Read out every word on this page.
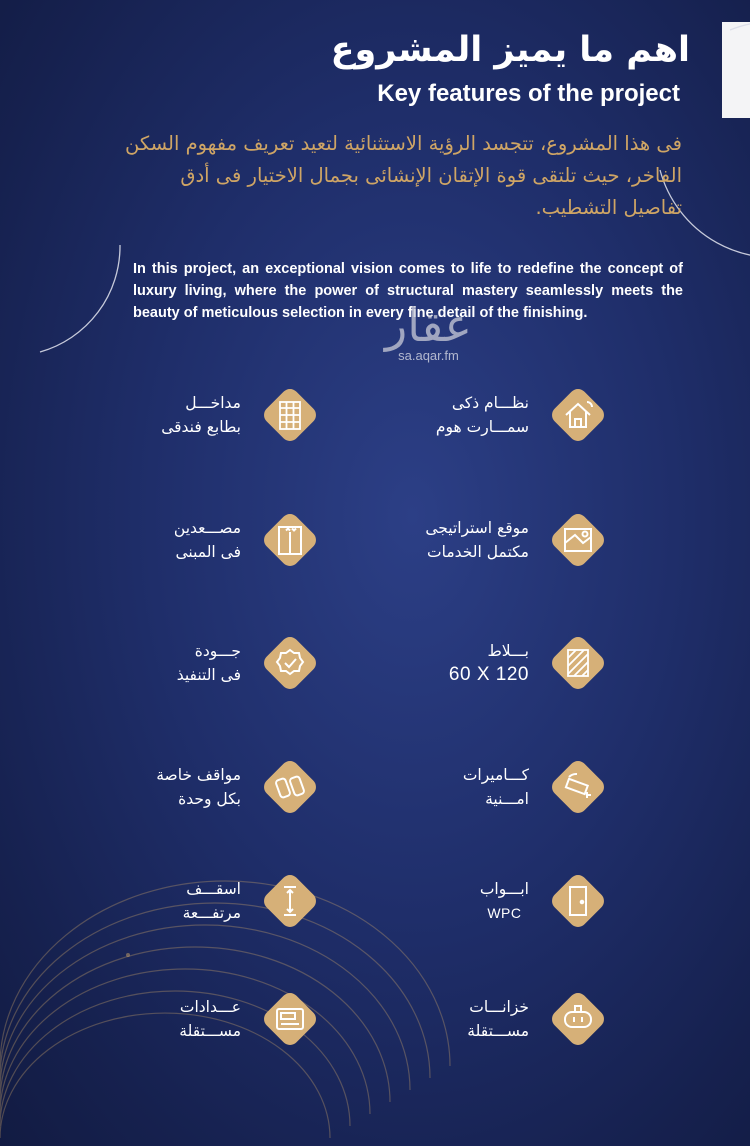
اهم ما يميز المشروع
Key features of the project
فى هذا المشروع، تتجسد الرؤية الاستثنائية لتعيد تعريف مفهوم السكن الفاخر، حيث تلتقى قوة الإتقان الإنشائى بجمال الاختيار فى أدق تفاصيل التشطيب.
In this project, an exceptional vision comes to life to redefine the concept of luxury living, where the power of structural mastery seamlessly meets the beauty of meticulous selection in every fine detail of the finishing.
عقار
sa.aqar.fm
مداخـــل
بطابع فندقى
نظـــام ذكى
سمـــارت هوم
مصـــعدين
فى المبنى
موقع استراتيجى
مكتمل الخدمات
جـــودة
فى التنفيذ
بـــلاط
60 X 120
مواقف خاصة
بكل وحدة
كـــاميرات
امـــنية
اسقـــف
مرتفـــعة
ابـــواب
WPC
عـــدادات
مســـتقلة
خزانـــات
مســـتقلة
